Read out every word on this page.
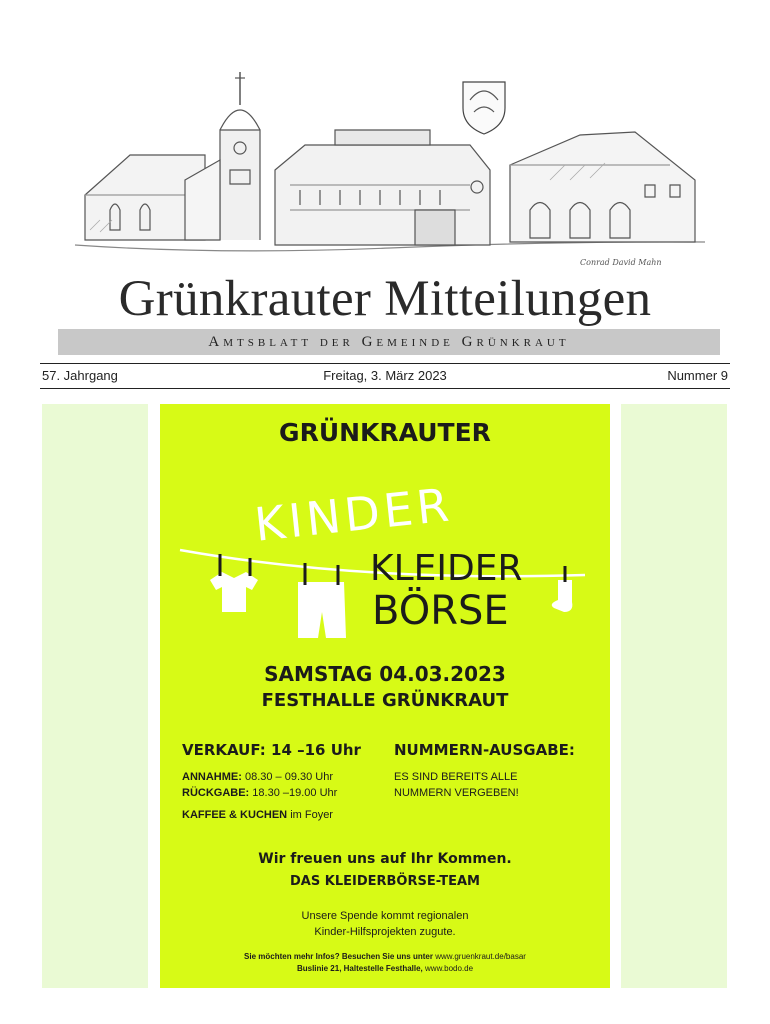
Conrad David Mahn
Grünkrauter Mitteilungen
Amtsblatt der Gemeinde Grünkraut
57. Jahrgang	Freitag, 3. März 2023	Nummer 9
GRÜNKRAUTER
KINDER
KLEIDER
BÖRSE
SAMSTAG 04.03.2023
FESTHALLE GRÜNKRAUT
VERKAUF: 14 –16 Uhr
ANNAHME: 08.30 – 09.30 Uhr
RÜCKGABE: 18.30 –19.00 Uhr
KAFFEE & KUCHEN im Foyer
NUMMERN-AUSGABE:
ES SIND BEREITS ALLE
NUMMERN VERGEBEN!
Wir freuen uns auf Ihr Kommen.
DAS KLEIDERBÖRSE-TEAM
Unsere Spende kommt regionalen
Kinder-Hilfsprojekten zugute.
Sie möchten mehr Infos? Besuchen Sie uns unter www.gruenkraut.de/basar
Buslinie 21, Haltestelle Festhalle, www.bodo.de
